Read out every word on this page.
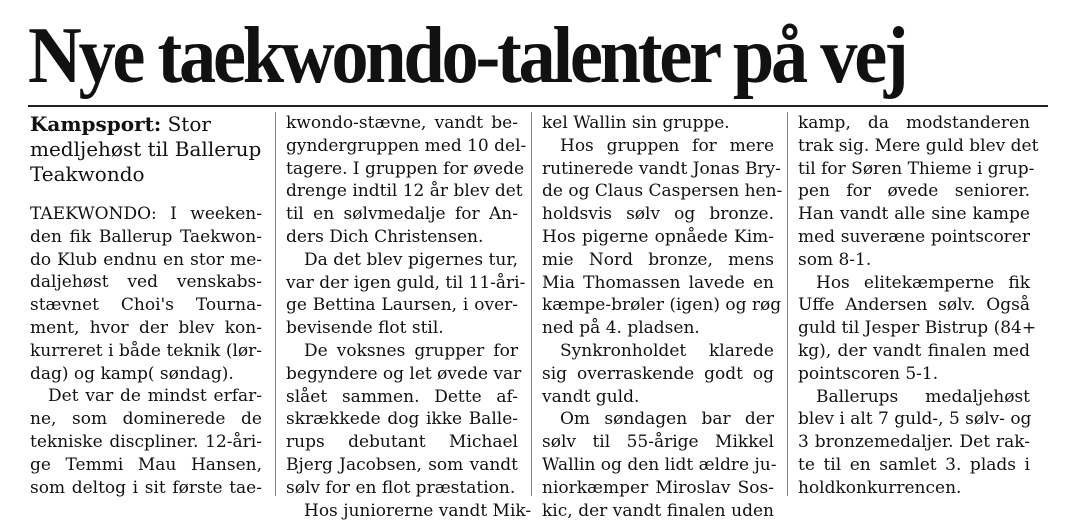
Nye taekwondo-talenter på vej

Kampsport: Stor
medljehøst til Ballerup
Teakwondo

TAEKWONDO: I weeken-
den fik Ballerup Taekwon-
do Klub endnu en stor me-
daljehøst ved venskabs-
stævnet Choi's Tourna-
ment, hvor der blev kon-
kurreret i både teknik (lør-
dag) og kamp( søndag).

Det var de mindst erfar-
ne, som dominerede de
tekniske discpliner. 12-åri-
ge Temmi Mau Hansen,
som deltog i sit første tae-

kwondo-stævne, vandt be-
gyndergruppen med 10 del-
tagere. I gruppen for øvede
drenge indtil 12 år blev det
til en sølvmedalje for An-
ders Dich Christensen.

Da det blev pigernes tur,
var der igen guld, til 11-åri-
ge Bettina Laursen, i over-
bevisende flot stil.

De voksnes grupper for
begyndere og let øvede var
slået sammen. Dette af-
skrækkede dog ikke Balle-
rups debutant Michael
Bjerg Jacobsen, som vandt
sølv for en flot præstation.

Hos juniorerne vandt Mik-

kel Wallin sin gruppe.

Hos gruppen for mere
rutinerede vandt Jonas Bry-
de og Claus Caspersen hen-
holdsvis sølv og bronze.
Hos pigerne opnåede Kim-
mie Nord bronze, mens
Mia Thomassen lavede en
kæmpe-brøler (igen) og røg
ned på 4. pladsen.

Synkronholdet klarede
sig overraskende godt og
vandt guld.

Om søndagen bar der
sølv til 55-årige Mikkel
Wallin og den lidt ældre ju-
niorkæmper Miroslav Sos-
kic, der vandt finalen uden

kamp, da modstanderen
trak sig. Mere guld blev det
til for Søren Thieme i grup-
pen for øvede seniorer.
Han vandt alle sine kampe
med suveræne pointscorer
som 8-1.

Hos elitekæmperne fik
Uffe Andersen sølv. Også
guld til Jesper Bistrup (84+
kg), der vandt finalen med
pointscoren 5-1.

Ballerups medaljehøst
blev i alt 7 guld-, 5 sølv- og
3 bronzemedaljer. Det rak-
te til en samlet 3. plads i
holdkonkurrencen.
